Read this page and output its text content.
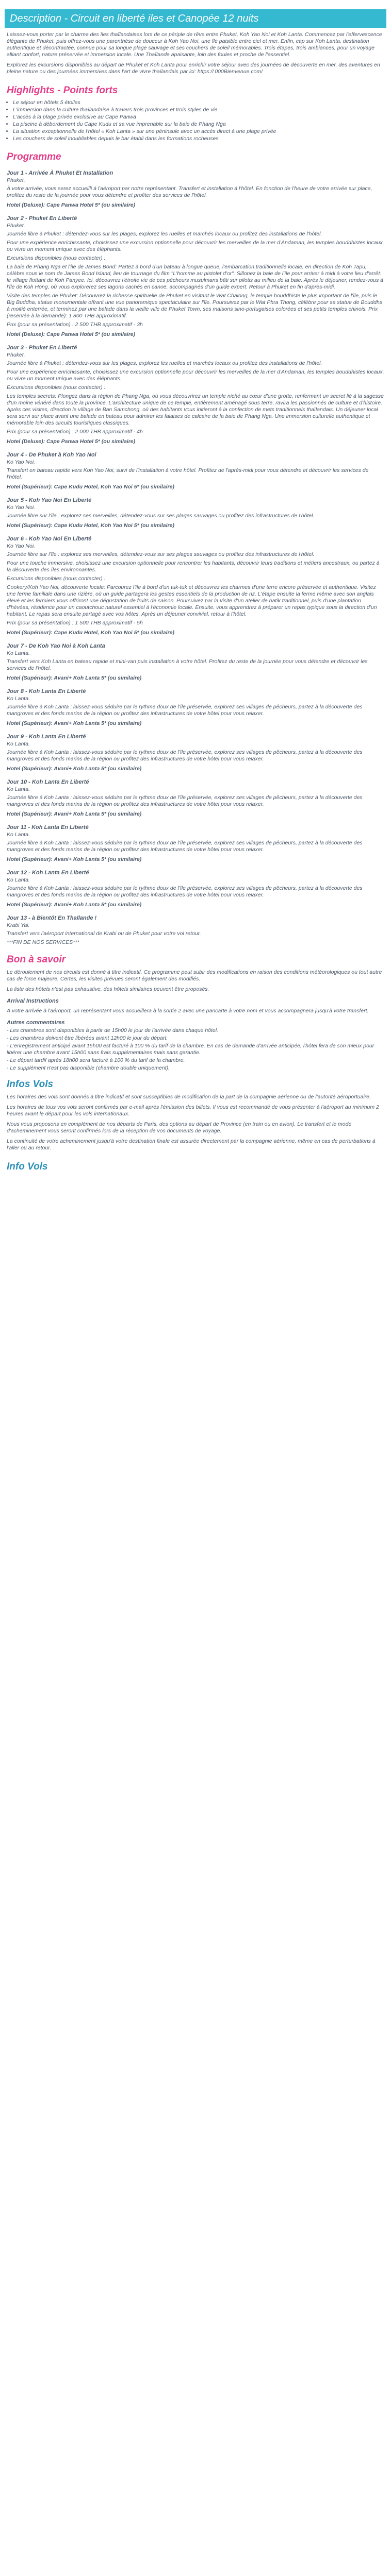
Description - Circuit en liberté iles et Canopée 12 nuits

Laissez-vous porter par le charme des îles thaïlandaises lors de ce périple de rêve entre Phuket, Koh Yao Noi et Koh Lanta. Commencez par l'effervescence élégante de Phuket, puis offrez-vous une parenthèse de douceur à Koh Yao Noi, une île paisible entre ciel et mer. Enfin, cap sur Koh Lanta, destination authentique et décontractée, connue pour sa longue plage sauvage et ses couchers de soleil mémorables. Trois étapes, trois ambiances, pour un voyage alliant confort, nature préservée et immersion locale. Une Thaïlande apaisante, loin des foules et proche de l'essentiel.

Explorez les excursions disponibles au départ de Phuket et Koh Lanta pour enrichir votre séjour avec des journées de découverte en mer, des aventures en pleine nature ou des journées immersives dans l'art de vivre thaïlandais par ici: https:// 000Bienvenue.com/

Highlights - Points forts
• Le séjour en hôtels 5 étoiles
• L'immersion dans la culture thaïlandaise à travers trois provinces et trois styles de vie
• L'accès à la plage privée exclusive au Cape Panwa
• La piscine à débordement du Cape Kudu et sa vue imprenable sur la baie de Phang Nga
• La situation exceptionnelle de l'hôtel « Koh Lanta » sur une péninsule avec un accès direct à une plage privée
• Les couchers de soleil inoubliables depuis le bar établi dans les formations rocheuses
Programme
Jour 1 - Arrivée À Phuket Et Installation
Phuket.

À votre arrivée, vous serez accueilli à l'aéroport par notre représentant. Transfert et installation à l'hôtel. En fonction de l'heure de votre arrivée sur place, profitez du reste de la journée pour vous détendre et profiter des services de l'hôtel.

Hotel (Deluxe): Cape Panwa Hotel 5* (ou similaire)
Jour 2 - Phuket En Liberté
Phuket.

Journée libre à Phuket : détendez-vous sur les plages, explorez les ruelles et marchés locaux ou profitez des installations de l'hôtel.

Pour une expérience enrichissante, choisissez une excursion optionnelle pour découvrir les merveilles de la mer d'Andaman, les temples bouddhistes locaux, ou vivre un moment unique avec des éléphants.

Excursions disponibles (nous contacter) :

La baie de Phang Nga et l'île de James Bond: Partez à bord d'un bateau à longue queue, l'embarcation traditionnelle locale, en direction de Koh Tapu, célèbre sous le nom de James Bond Island, lieu de tournage du film "L'homme au pistolet d'or". Sillonez la baie de l'île pour arriver à midi à votre lieu d'arrêt: le village flottant de Koh Panyee. Ici, découvrez l'étroite vie de ces pêcheurs musulmans bâti sur pilotis au milieu de la baie. Après le déjeuner, rendez-vous à l'île de Koh Hong, où vous explorerez ses lagons cachés en canoë, accompagnés d'un guide expert. Retour à Phuket en fin d'après-midi.

Visite des temples de Phuket: Découvrez la richesse spirituelle de Phuket en visitant le Wat Chalong, le temple bouddhiste le plus important de l'île, puis le Big Buddha, statue monumentale offrant une vue panoramique spectaculaire sur l'île. Poursuivez par le Wat Phra Thong, célèbre pour sa statue de Bouddha à moitié enterrée, et terminez par une balade dans la vieille ville de Phuket Town, ses maisons sino-portugaises colorées et ses petits temples chinois. Prix (reservée à la demande): 1 800 THB approximatif.

Prix (pour sa présentation) : 2 500 THB approximatif - 3h

Hotel (Deluxe): Cape Panwa Hotel 5* (ou similaire)
Jour 3 - Phuket En Liberté
Phuket.

Journée libre à Phuket : détendez-vous sur les plages, explorez les ruelles et marchés locaux ou profitez des installations de l'hôtel.

Pour une expérience enrichissante, choisissez une excursion optionnelle pour découvrir les merveilles de la mer d'Andaman, les temples bouddhistes locaux, ou vivre un moment unique avec des éléphants.

Excursions disponibles (nous contacter) :

Les temples secrets: Plongez dans la région de Phang Nga, où vous découvrirez un temple niché au cœur d'une grotte, renfermant un secret lié à la sagesse d'un moine vénéré dans toute la province. L'architecture unique de ce temple, entièrement aménagé sous terre, ravira les passionnés de culture et d'histoire. Après ces visites, direction le village de Ban Samchong, où des habitants vous initieront à la confection de mets traditionnels thaïlandais. Un déjeuner local sera servi sur place avant une balade en bateau pour admirer les falaises de calcaire de la baie de Phang Nga. Une immersion culturelle authentique et mémorable loin des circuits touristiques classiques.

Prix (pour sa présentation) : 2 000 THB approximatif - 4h

Hotel (Deluxe): Cape Panwa Hotel 5* (ou similaire)
Jour 4 - De Phuket à Koh Yao Noi
Ko Yao Noi.

Transfert en bateau rapide vers Koh Yao Noi, suivi de l'installation à votre hôtel. Profitez de l'après-midi pour vous détendre et découvrir les services de l'hôtel.

Hotel (Supérieur): Cape Kudu Hotel, Koh Yao Noi 5* (ou similaire)
Jour 5 - Koh Yao Noi En Liberté
Ko Yao Noi.

Journée libre sur l'île : explorez ses merveilles, détendez-vous sur ses plages sauvages ou profitez des infrastructures de l'hôtel.

Hotel (Supérieur): Cape Kudu Hotel, Koh Yao Noi 5* (ou similaire)
Jour 6 - Koh Yao Noi En Liberté
Ko Yao Noi.

Journée libre sur l'île : explorez ses merveilles, détendez-vous sur ses plages sauvages ou profitez des infrastructures de l'hôtel.

Pour une touche immersive, choisissez une excursion optionnelle pour rencontrer les habitants, découvrir leurs traditions et métiers ancestraux, ou partez à la découverte des îles environnantes.

Excursions disponibles (nous contacter) :

Cookery/Koh Yao Noi, découverte locale: Parcourez l'île à bord d'un tuk-tuk et découvrez les charmes d'une terre encore préservée et authentique. Visitez une ferme familiale dans une rizière, où un guide partagera les gestes essentiels de la production de riz. L'étape ensuite la ferme même avec son anglais élevé et les fermiers vous offriront une dégustation de fruits de saison. Poursuivez par la visite d'un atelier de batik traditionnel, puis d'une plantation d'hévéas, résidence pour un caoutchouc naturel essentiel à l'économie locale. Ensuite, vous apprendrez à préparer un repas typique sous la direction d'un habitant. Le repas sera ensuite partagé avec vos hôtes. Après un déjeuner convivial, retour à l'hôtel.

Prix (pour sa présentation) : 1 500 THB approximatif - 5h

Hotel (Supérieur): Cape Kudu Hotel, Koh Yao Noi 5* (ou similaire)
Jour 7 - De Koh Yao Noi à Koh Lanta
Ko Lanta.

Transfert vers Koh Lanta en bateau rapide et mini-van puis installation à votre hôtel. Profitez du reste de la journée pour vous détendre et découvrir les services de l'hôtel.

Hotel (Supérieur): Avani+ Koh Lanta 5* (ou similaire)
Jour 8 - Koh Lanta En Liberté
Ko Lanta.

Journée libre à Koh Lanta : laissez-vous séduire par le rythme doux de l'île préservée, explorez ses villages de pêcheurs, partez à la découverte des mangroves et des fonds marins de la région ou profitez des infrastructures de votre hôtel pour vous relaxer.

Hotel (Supérieur): Avani+ Koh Lanta 5* (ou similaire)
Jour 9 - Koh Lanta En Liberté
Ko Lanta.

Journée libre à Koh Lanta : laissez-vous séduire par le rythme doux de l'île préservée, explorez ses villages de pêcheurs, partez à la découverte des mangroves et des fonds marins de la région ou profitez des infrastructures de votre hôtel pour vous relaxer.

Hotel (Supérieur): Avani+ Koh Lanta 5* (ou similaire)
Jour 10 - Koh Lanta En Liberté
Ko Lanta.

Journée libre à Koh Lanta : laissez-vous séduire par le rythme doux de l'île préservée, explorez ses villages de pêcheurs, partez à la découverte des mangroves et des fonds marins de la région ou profitez des infrastructures de votre hôtel pour vous relaxer.

Hotel (Supérieur): Avani+ Koh Lanta 5* (ou similaire)
Jour 11 - Koh Lanta En Liberté
Ko Lanta.

Journée libre à Koh Lanta : laissez-vous séduire par le rythme doux de l'île préservée, explorez ses villages de pêcheurs, partez à la découverte des mangroves et des fonds marins de la région ou profitez des infrastructures de votre hôtel pour vous relaxer.

Hotel (Supérieur): Avani+ Koh Lanta 5* (ou similaire)
Jour 12 - Koh Lanta En Liberté
Ko Lanta.

Journée libre à Koh Lanta : laissez-vous séduire par le rythme doux de l'île préservée, explorez ses villages de pêcheurs, partez à la découverte des mangroves et des fonds marins de la région ou profitez des infrastructures de votre hôtel pour vous relaxer.

Hotel (Supérieur): Avani+ Koh Lanta 5* (ou similaire)
Jour 13 - à Bientôt En Thaïlande !
Krabi Yai.

Transfert vers l'aéroport international de Krabi ou de Phuket pour votre vol retour.

***FIN DE NOS SERVICES***

Bon à savoir

Le déroulement de nos circuits est donné à titre indicatif. Ce programme peut subir des modifications en raison des conditions météorologiques ou tout autre cas de force majeure. Certes, les visites prévues seront également des modifiés.

La liste des hôtels n'est pas exhaustive, des hôtels similaires peuvent être proposés.

Arrival Instructions
À votre arrivée à l'aéroport, un représentant vous accueillera à la sortie 2 avec une pancarte à votre nom et vous accompagnera jusqu'à votre transfert.
Autres commentaires
- Les chambres sont disponibles à partir de 15h00 le jour de l'arrivée dans chaque hôtel.
- Les chambres doivent être libérées avant 12h00 le jour du départ.
- L'enregistrement anticipé avant 15h00 est facturé à 100 % du tarif de la chambre. En cas de demande d'arrivée anticipée, l'hôtel fera de son mieux pour libérer une chambre avant 15h00 sans frais supplémentaires mais sans garantie.
- Le départ tardif après 18h00 sera facturé à 100 % du tarif de la chambre.
- Le supplément n'est pas disponible (chambre double uniquement).
Infos Vols

Les horaires des vols sont donnés à titre indicatif et sont susceptibles de modification de la part de la compagnie aérienne ou de l'autorité aéroportuaire.

Les horaires de tous vos vols seront confirmés par e-mail après l'émission des billets. Il vous est recommandé de vous présenter à l'aéroport au minimum 2 heures avant le départ pour les vols internationaux.

Nous vous proposons en complément de nos départs de Paris, des options au départ de Province (en train ou en avion). Le transfert et le mode d'acheminement vous seront confirmés lors de la réception de vos documents de voyage.

La continuité de votre acheminement jusqu'à votre destination finale est assurée directement par la compagnie aérienne, même en cas de perturbations à l'aller ou au retour.

Info Vols
